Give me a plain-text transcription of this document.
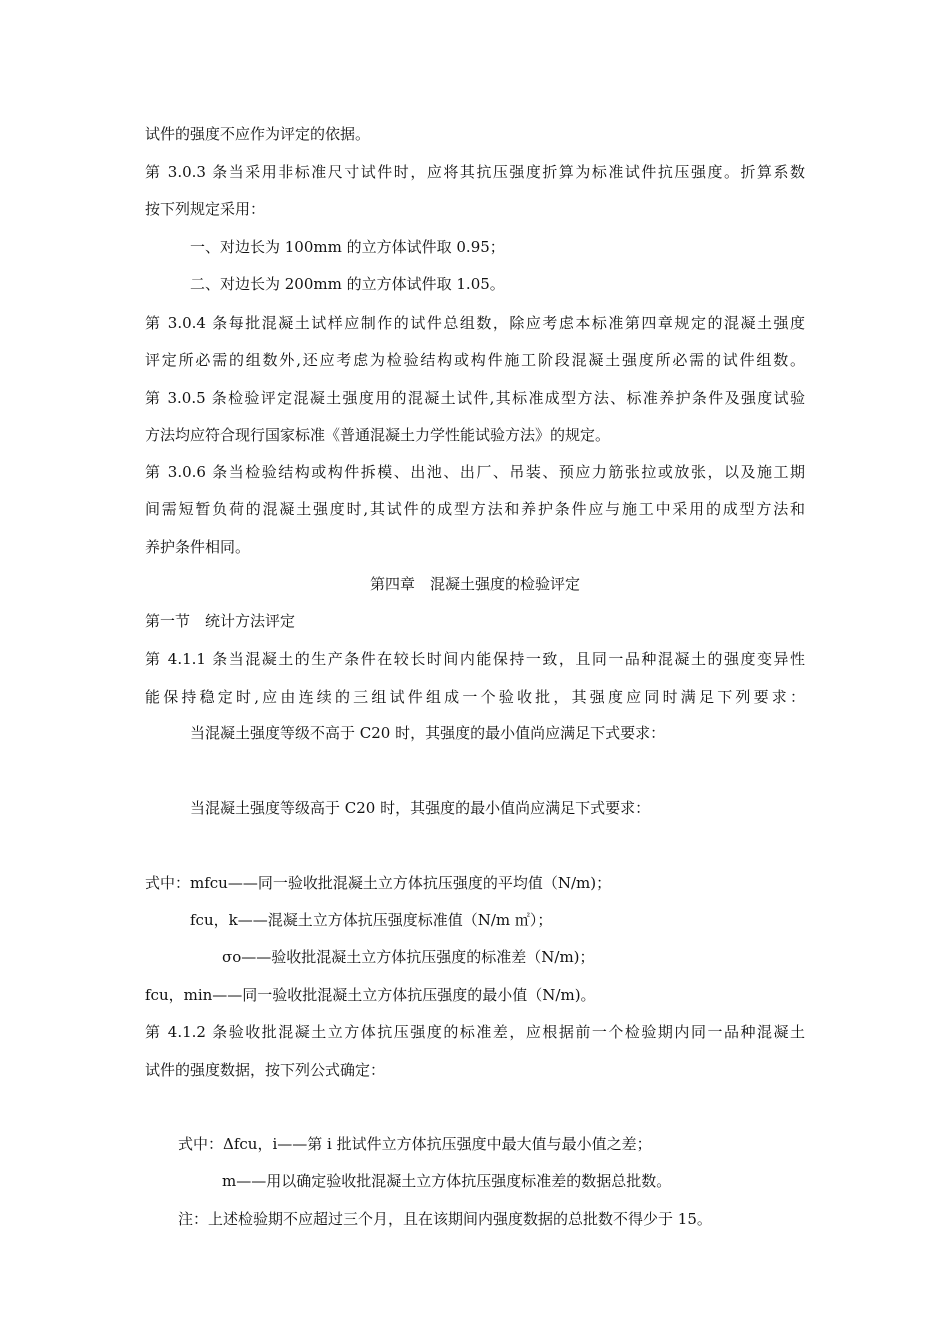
试件的强度不应作为评定的依据。
第 3.0.3 条当采用非标准尺寸试件时，应将其抗压强度折算为标准试件抗压强度。折算系数
按下列规定采用：
一、对边长为 100mm 的立方体试件取 0.95；
二、对边长为 200mm 的立方体试件取 1.05。
第 3.0.4 条每批混凝土试样应制作的试件总组数，除应考虑本标准第四章规定的混凝土强度
评定所必需的组数外,还应考虑为检验结构或构件施工阶段混凝土强度所必需的试件组数。
第 3.0.5 条检验评定混凝土强度用的混凝土试件,其标准成型方法、标准养护条件及强度试验
方法均应符合现行国家标准《普通混凝土力学性能试验方法》的规定。
第 3.0.6 条当检验结构或构件拆模、出池、出厂、吊装、预应力筋张拉或放张，以及施工期
间需短暂负荷的混凝土强度时,其试件的成型方法和养护条件应与施工中采用的成型方法和
养护条件相同。
第四章　混凝土强度的检验评定
第一节　统计方法评定
第 4.1.1 条当混凝土的生产条件在较长时间内能保持一致，且同一品种混凝土的强度变异性
能保持稳定时,应由连续的三组试件组成一个验收批，其强度应同时满足下列要求：
当混凝土强度等级不高于 C20 时，其强度的最小值尚应满足下式要求：
当混凝土强度等级高于 C20 时，其强度的最小值尚应满足下式要求：
式中：mfcu——同一验收批混凝土立方体抗压强度的平均值（N/m)；
fcu，k——混凝土立方体抗压强度标准值（N/m ㎡）；
σo——验收批混凝土立方体抗压强度的标准差（N/m)；
fcu，min——同一验收批混凝土立方体抗压强度的最小值（N/m)。
第 4.1.2 条验收批混凝土立方体抗压强度的标准差，应根据前一个检验期内同一品种混凝土
试件的强度数据，按下列公式确定：
式中：Δfcu，i——第 i 批试件立方体抗压强度中最大值与最小值之差；
m——用以确定验收批混凝土立方体抗压强度标准差的数据总批数。
注：上述检验期不应超过三个月，且在该期间内强度数据的总批数不得少于 15。
